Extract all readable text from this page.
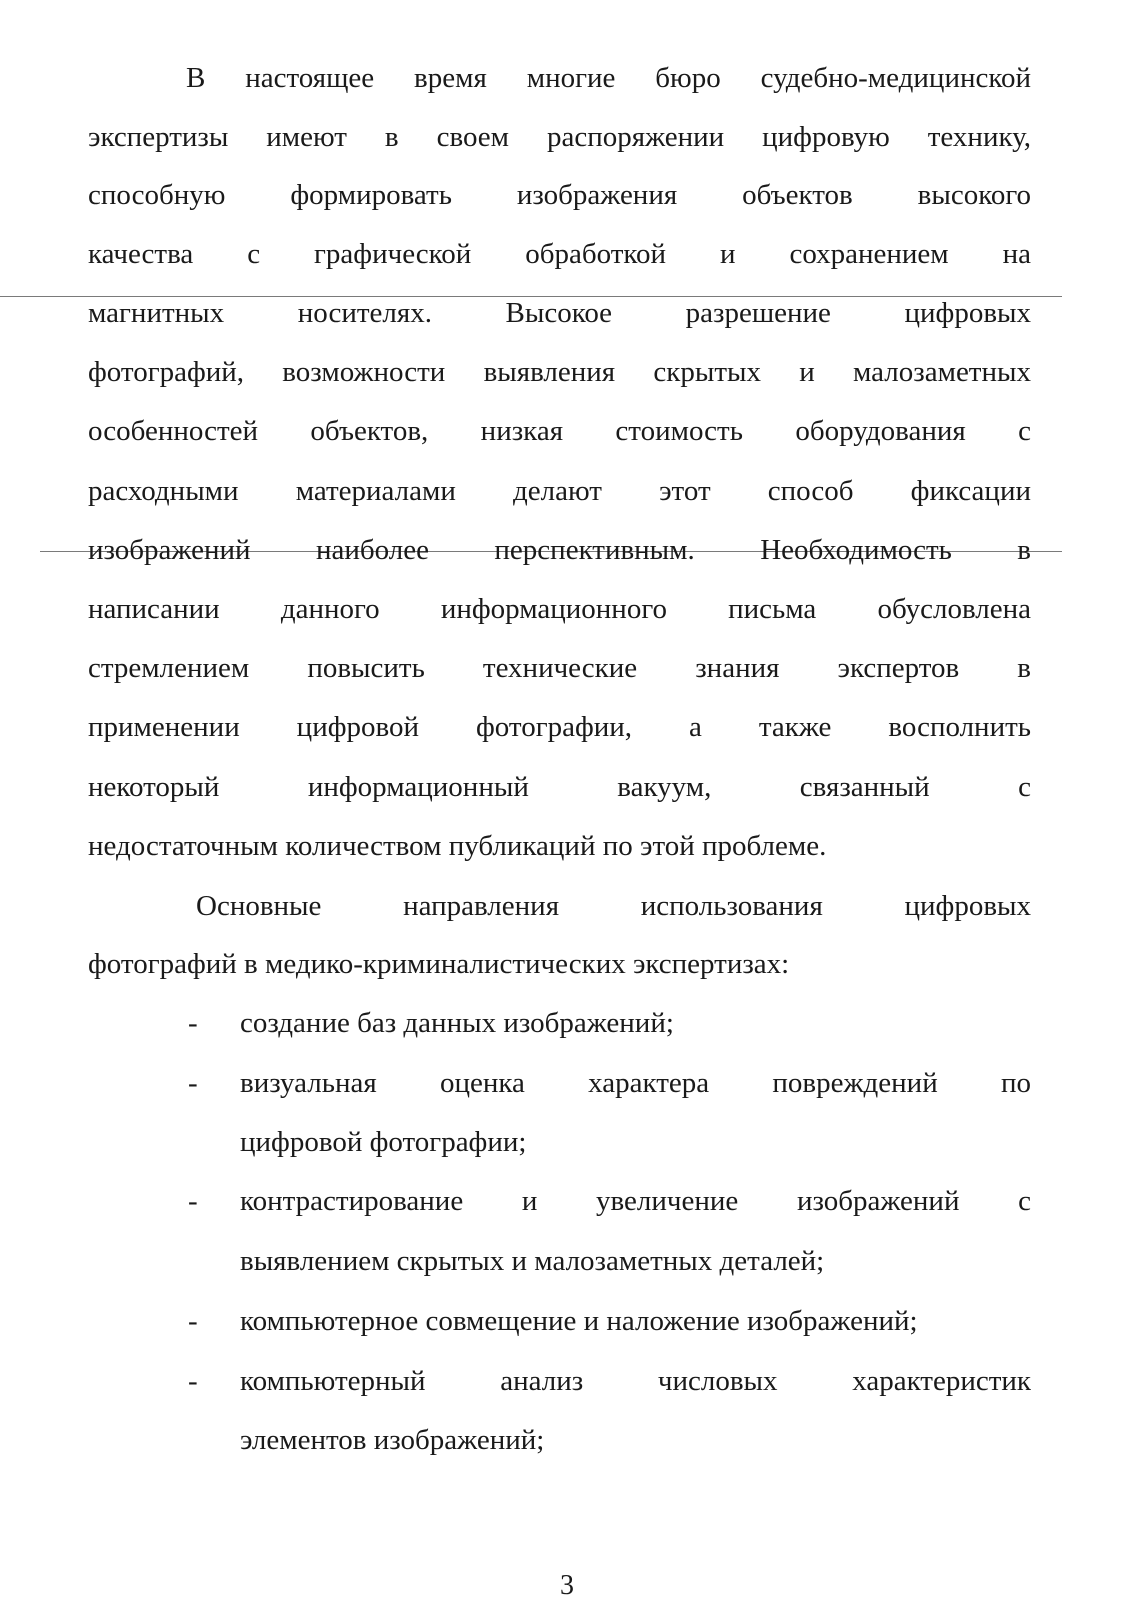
В настоящее время многие бюро судебно-медицинской
экспертизы имеют в своем распоряжении цифровую технику,
способную формировать изображения объектов высокого
качества с графической обработкой и сохранением на
магнитных носителях. Высокое разрешение цифровых
фотографий, возможности выявления скрытых и малозаметных
особенностей объектов, низкая стоимость оборудования с
расходными материалами делают этот способ фиксации
изображений наиболее перспективным. Необходимость в
написании данного информационного письма обусловлена
стремлением повысить технические знания экспертов в
применении цифровой фотографии, а также восполнить
некоторый информационный вакуум, связанный с
недостаточным количеством публикаций по этой проблеме.
Основные направления использования цифровых
фотографий в медико-криминалистических экспертизах:
-	создание баз данных изображений;
-	визуальная оценка характера повреждений по
цифровой фотографии;
-	контрастирование и увеличение изображений с
выявлением скрытых и малозаметных деталей;
-	компьютерное совмещение и наложение изображений;
-	компьютерный анализ числовых характеристик
элементов изображений;
3
